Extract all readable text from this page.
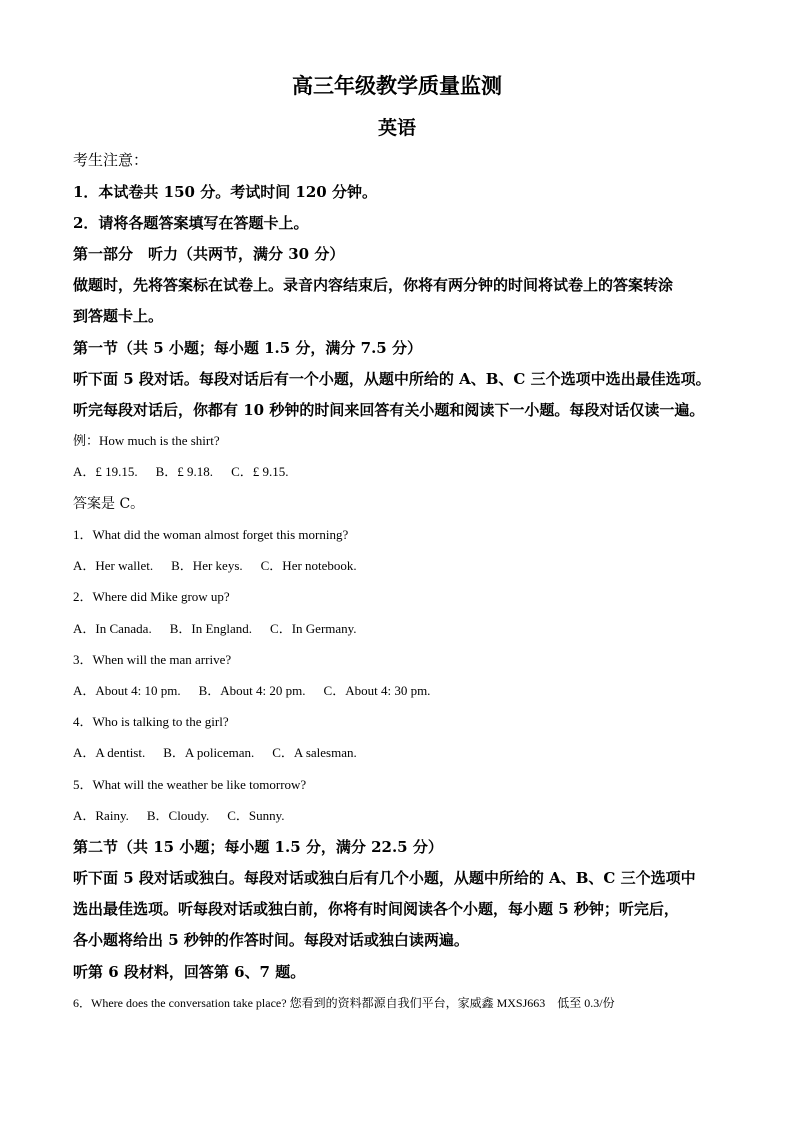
高三年级教学质量监测
英语
考生注意：
1．本试卷共 150 分。考试时间 120 分钟。
2．请将各题答案填写在答题卡上。
第一部分　听力（共两节，满分 30 分）
做题时，先将答案标在试卷上。录音内容结束后，你将有两分钟的时间将试卷上的答案转涂
到答题卡上。
第一节（共 5 小题；每小题 1.5 分，满分 7.5 分）
听下面 5 段对话。每段对话后有一个小题，从题中所给的 A、B、C 三个选项中选出最佳选项。
听完每段对话后，你都有 10 秒钟的时间来回答有关小题和阅读下一小题。每段对话仅读一遍。
例：How much is the shirt?
A．£ 19.15. B．£ 9.18. C．£ 9.15.
答案是 C。
1．What did the woman almost forget this morning?
A．Her wallet. B．Her keys. C．Her notebook.
2．Where did Mike grow up?
A．In Canada. B．In England. C．In Germany.
3．When will the man arrive?
A．About 4: 10 pm. B．About 4: 20 pm. C．About 4: 30 pm.
4．Who is talking to the girl?
A．A dentist. B．A policeman. C．A salesman.
5．What will the weather be like tomorrow?
A．Rainy. B．Cloudy. C．Sunny.
第二节（共 15 小题；每小题 1.5 分，满分 22.5 分）
听下面 5 段对话或独白。每段对话或独白后有几个小题，从题中所给的 A、B、C 三个选项中
选出最佳选项。听每段对话或独白前，你将有时间阅读各个小题，每小题 5 秒钟；听完后，
各小题将给出 5 秒钟的作答时间。每段对话或独白读两遍。
听第 6 段材料，回答第 6、7 题。
6．Where does the conversation take place? 您看到的资料都源自我们平台，家威鑫 MXSJ663　低至 0.3/份
